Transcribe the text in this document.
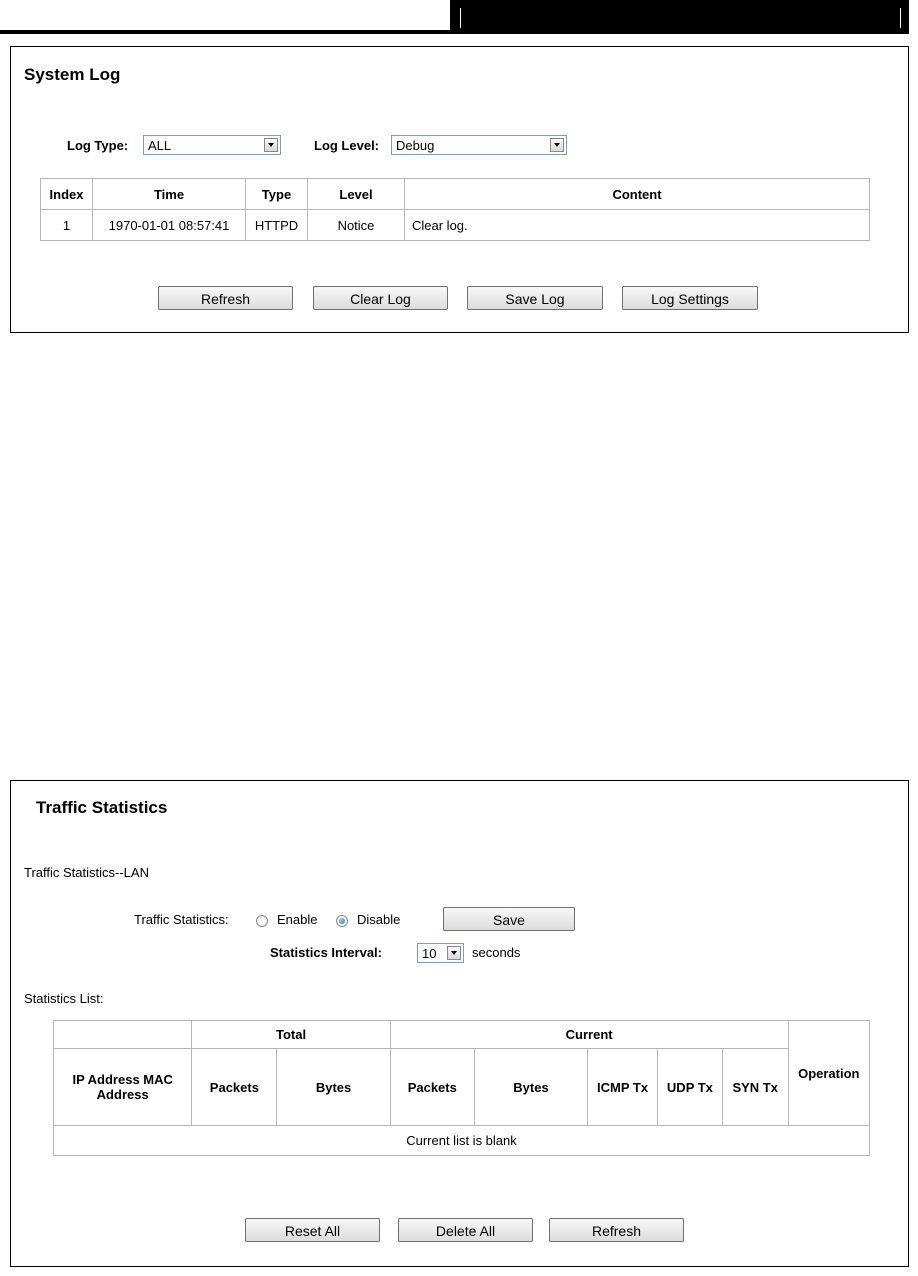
System Log
Log Type: ALL	Log Level: Debug
Index	Time	Type	Level	Content
1	1970-01-01 08:57:41	HTTPD	Notice	Clear log.
Refresh	Clear Log	Save Log	Log Settings
Traffic Statistics
Traffic Statistics--LAN
Traffic Statistics:	Enable	Disable	Save
Statistics Interval:	10	seconds
Statistics List:
	Total		Current					Operation
IP Address MAC Address	Packets	Bytes	Packets	Bytes	ICMP Tx	UDP Tx	SYN Tx	
Current list is blank								
Reset All	Delete All	Refresh
